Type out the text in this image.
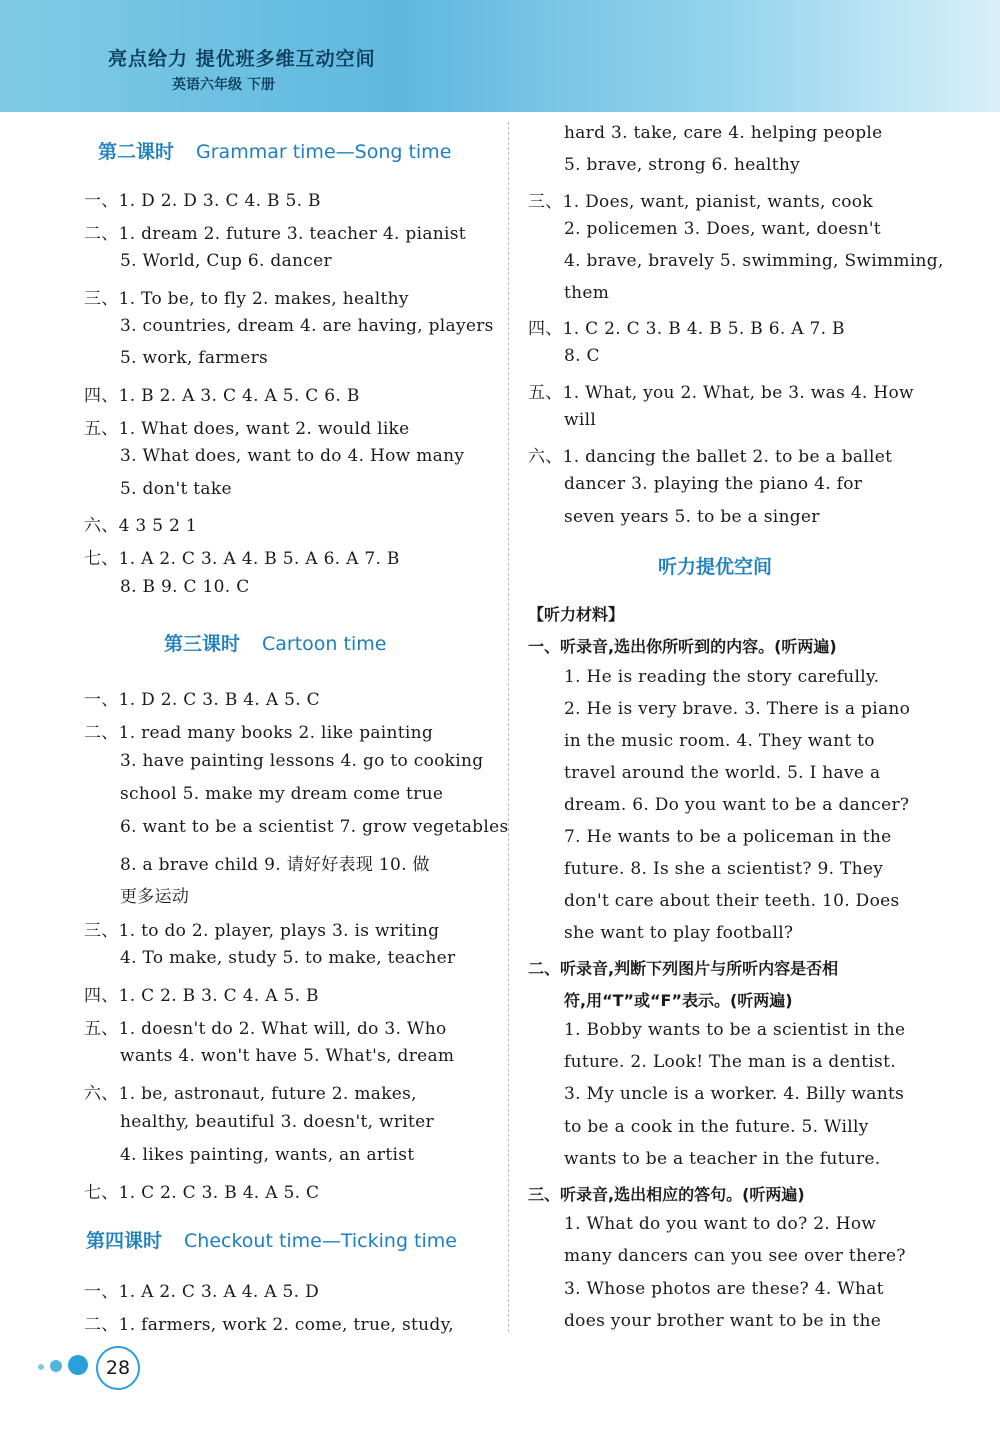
亮点给力 提优班多维互动空间
英语六年级 下册
第二课时 Grammar time—Song time
一、1. D 2. D 3. C 4. B 5. B
二、1. dream 2. future 3. teacher 4. pianist
5. World, Cup 6. dancer
三、1. To be, to fly 2. makes, healthy
3. countries, dream 4. are having, players
5. work, farmers
四、1. B 2. A 3. C 4. A 5. C 6. B
五、1. What does, want 2. would like
3. What does, want to do 4. How many
5. don't take
六、4 3 5 2 1
七、1. A 2. C 3. A 4. B 5. A 6. A 7. B
8. B 9. C 10. C
第三课时 Cartoon time
一、1. D 2. C 3. B 4. A 5. C
二、1. read many books 2. like painting
3. have painting lessons 4. go to cooking
school 5. make my dream come true
6. want to be a scientist 7. grow vegetables
8. a brave child 9. 请好好表现 10. 做
更多运动
三、1. to do 2. player, plays 3. is writing
4. To make, study 5. to make, teacher
四、1. C 2. B 3. C 4. A 5. B
五、1. doesn't do 2. What will, do 3. Who
wants 4. won't have 5. What's, dream
六、1. be, astronaut, future 2. makes,
healthy, beautiful 3. doesn't, writer
4. likes painting, wants, an artist
七、1. C 2. C 3. B 4. A 5. C
第四课时 Checkout time—Ticking time
一、1. A 2. C 3. A 4. A 5. D
二、1. farmers, work 2. come, true, study,
hard 3. take, care 4. helping people
5. brave, strong 6. healthy
三、1. Does, want, pianist, wants, cook
2. policemen 3. Does, want, doesn't
4. brave, bravely 5. swimming, Swimming,
them
四、1. C 2. C 3. B 4. B 5. B 6. A 7. B
8. C
五、1. What, you 2. What, be 3. was 4. How
will
六、1. dancing the ballet 2. to be a ballet
dancer 3. playing the piano 4. for
seven years 5. to be a singer
听力提优空间
【听力材料】
一、听录音,选出你所听到的内容。(听两遍)
1. He is reading the story carefully.
2. He is very brave. 3. There is a piano
in the music room. 4. They want to
travel around the world. 5. I have a
dream. 6. Do you want to be a dancer?
7. He wants to be a policeman in the
future. 8. Is she a scientist? 9. They
don't care about their teeth. 10. Does
she want to play football?
二、听录音,判断下列图片与所听内容是否相
符,用“T”或“F”表示。(听两遍)
1. Bobby wants to be a scientist in the
future. 2. Look! The man is a dentist.
3. My uncle is a worker. 4. Billy wants
to be a cook in the future. 5. Willy
wants to be a teacher in the future.
三、听录音,选出相应的答句。(听两遍)
1. What do you want to do? 2. How
many dancers can you see over there?
3. Whose photos are these? 4. What
does your brother want to be in the
28
